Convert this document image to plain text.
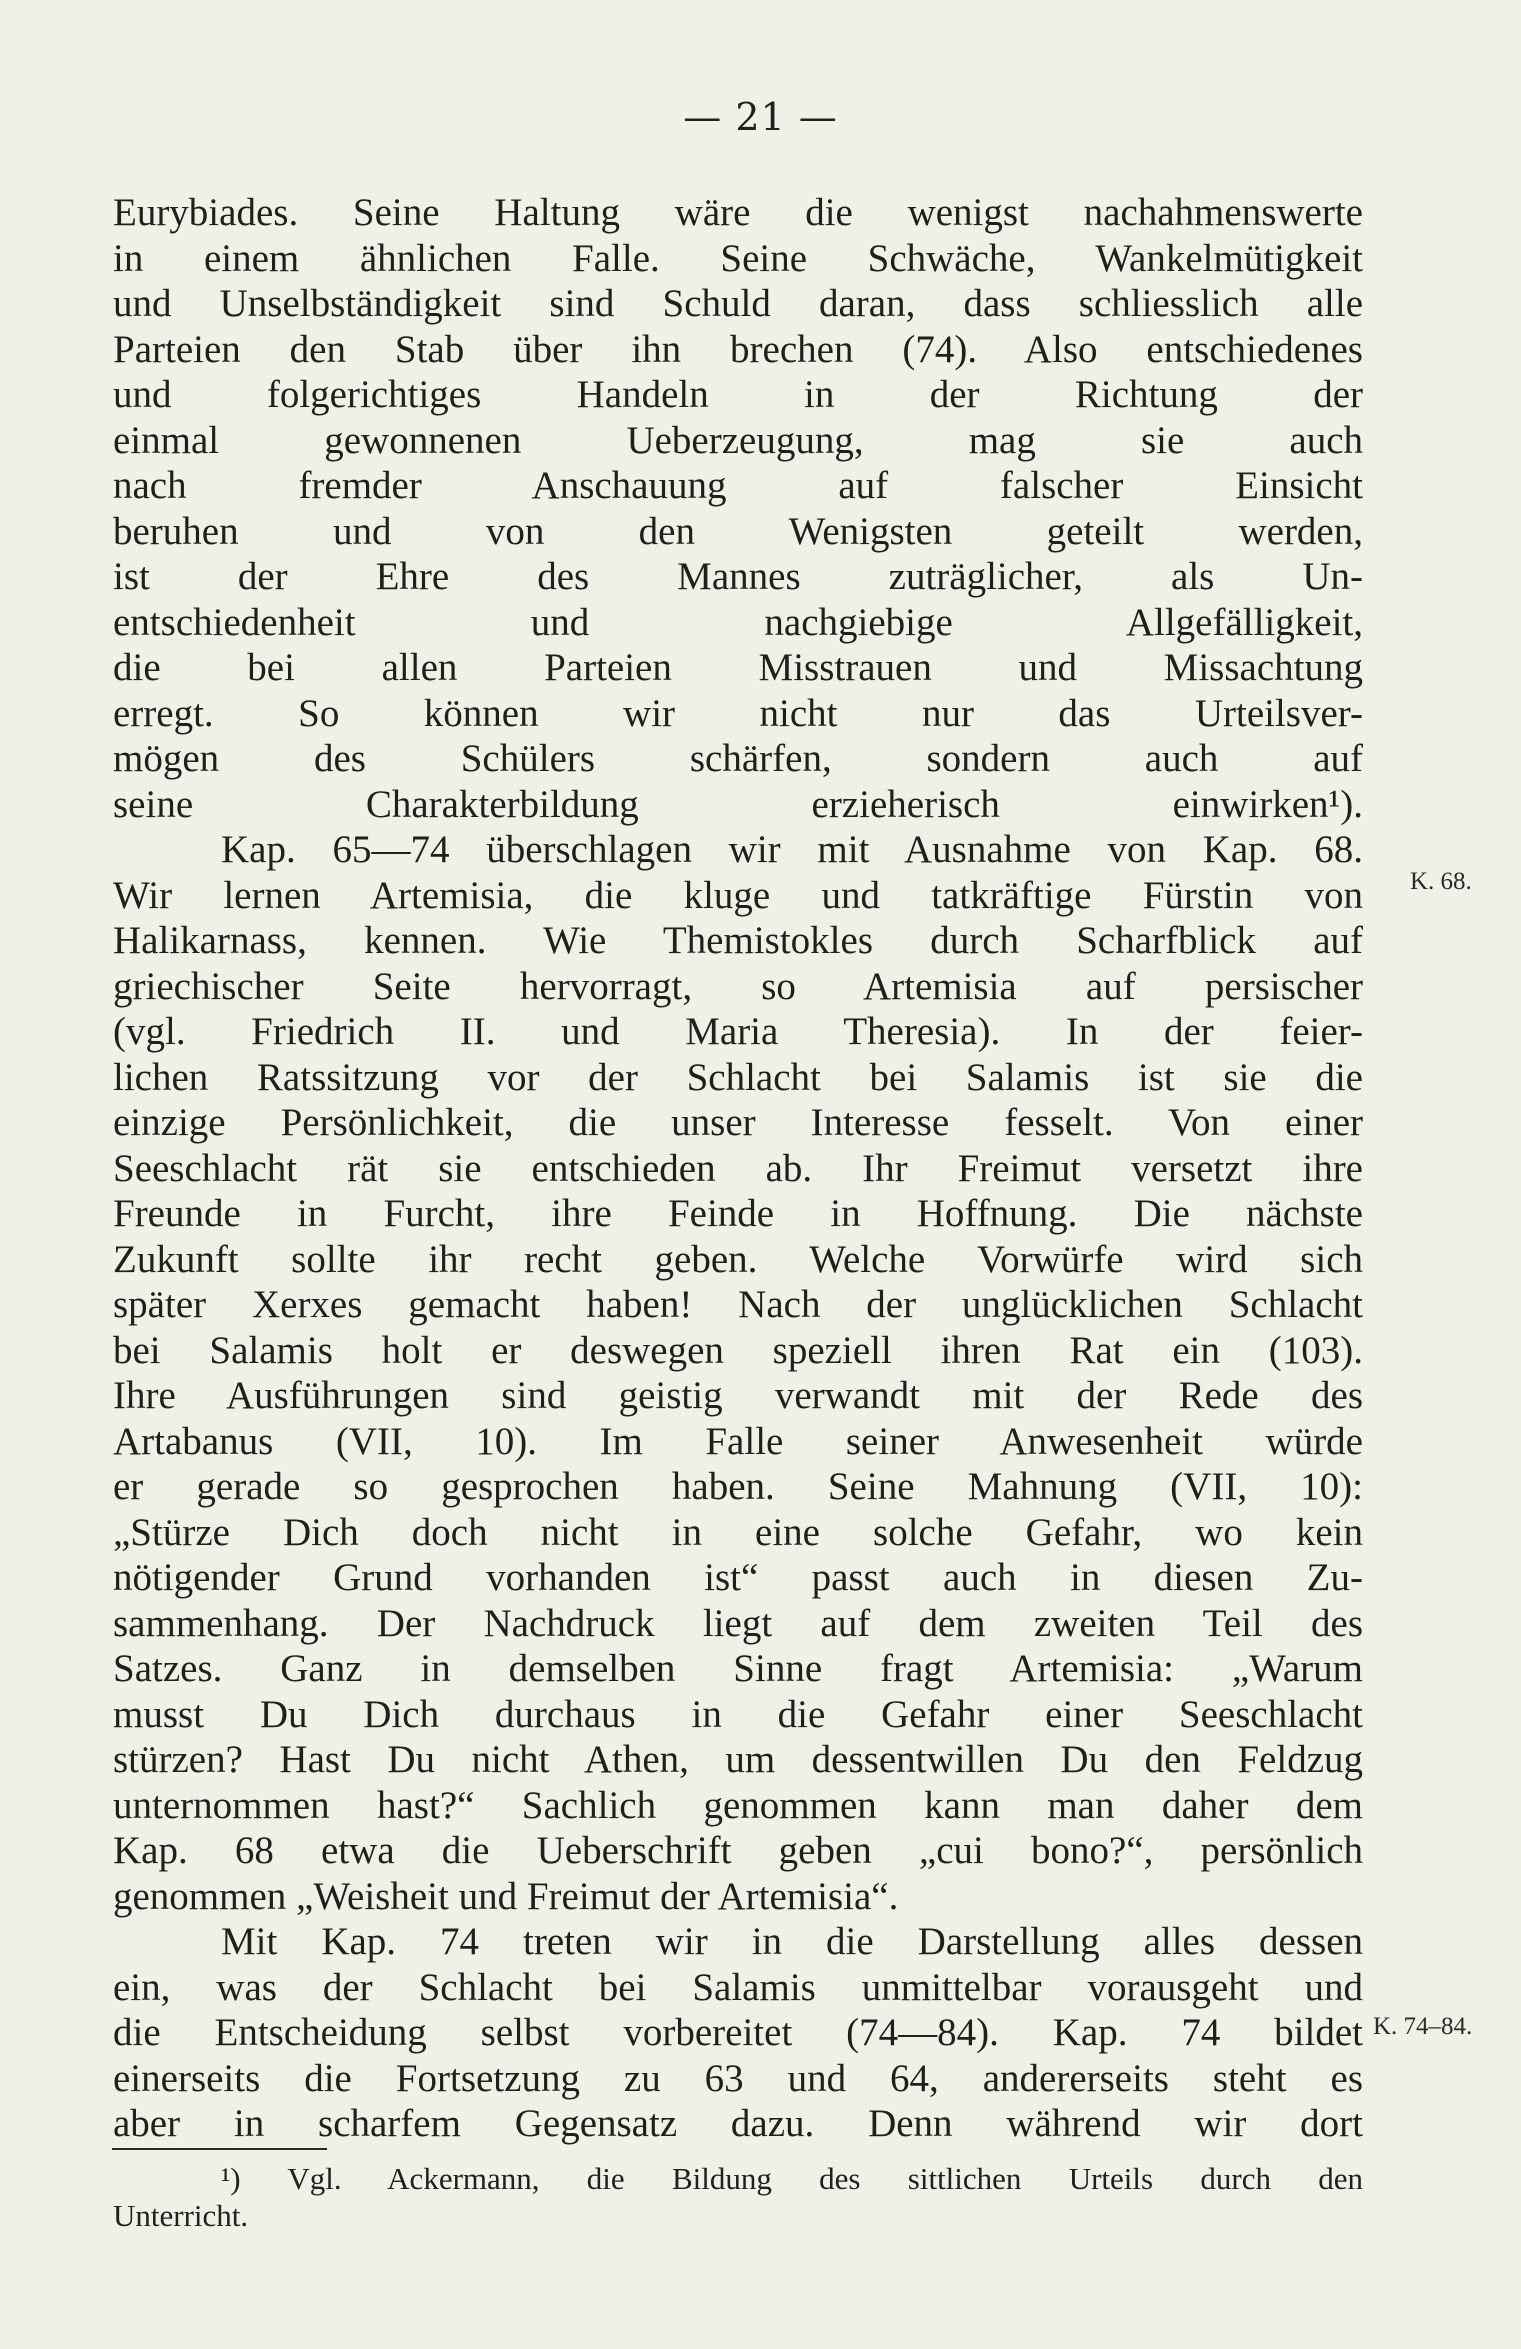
— 21 —
Eurybiades. Seine Haltung wäre die wenigst nachahmenswerte
in einem ähnlichen Falle. Seine Schwäche, Wankelmütigkeit
und Unselbständigkeit sind Schuld daran, dass schliesslich alle
Parteien den Stab über ihn brechen (74). Also entschiedenes
und folgerichtiges Handeln in der Richtung der
einmal gewonnenen Ueberzeugung, mag sie auch
nach fremder Anschauung auf falscher Einsicht
beruhen und von den Wenigsten geteilt werden,
ist der Ehre des Mannes zuträglicher, als Un-
entschiedenheit und nachgiebige Allgefälligkeit,
die bei allen Parteien Misstrauen und Missachtung
erregt. So können wir nicht nur das Urteilsver-
mögen des Schülers schärfen, sondern auch auf
seine Charakterbildung erzieherisch einwirken¹).
Kap. 65—74 überschlagen wir mit Ausnahme von Kap. 68.
Wir lernen Artemisia, die kluge und tatkräftige Fürstin von
Halikarnass, kennen. Wie Themistokles durch Scharfblick auf
griechischer Seite hervorragt, so Artemisia auf persischer
(vgl. Friedrich II. und Maria Theresia). In der feier-
lichen Ratssitzung vor der Schlacht bei Salamis ist sie die
einzige Persönlichkeit, die unser Interesse fesselt. Von einer
Seeschlacht rät sie entschieden ab. Ihr Freimut versetzt ihre
Freunde in Furcht, ihre Feinde in Hoffnung. Die nächste
Zukunft sollte ihr recht geben. Welche Vorwürfe wird sich
später Xerxes gemacht haben! Nach der unglücklichen Schlacht
bei Salamis holt er deswegen speziell ihren Rat ein (103).
Ihre Ausführungen sind geistig verwandt mit der Rede des
Artabanus (VII, 10). Im Falle seiner Anwesenheit würde
er gerade so gesprochen haben. Seine Mahnung (VII, 10):
„Stürze Dich doch nicht in eine solche Gefahr, wo kein
nötigender Grund vorhanden ist“ passt auch in diesen Zu-
sammenhang. Der Nachdruck liegt auf dem zweiten Teil des
Satzes. Ganz in demselben Sinne fragt Artemisia: „Warum
musst Du Dich durchaus in die Gefahr einer Seeschlacht
stürzen? Hast Du nicht Athen, um dessentwillen Du den Feldzug
unternommen hast?“ Sachlich genommen kann man daher dem
Kap. 68 etwa die Ueberschrift geben „cui bono?“, persönlich
genommen „Weisheit und Freimut der Artemisia“.
Mit Kap. 74 treten wir in die Darstellung alles dessen
ein, was der Schlacht bei Salamis unmittelbar vorausgeht und
die Entscheidung selbst vorbereitet (74—84). Kap. 74 bildet
einerseits die Fortsetzung zu 63 und 64, andererseits steht es
aber in scharfem Gegensatz dazu. Denn während wir dort
K. 68.
K. 74–84.
¹) Vgl. Ackermann, die Bildung des sittlichen Urteils durch den
Unterricht.
